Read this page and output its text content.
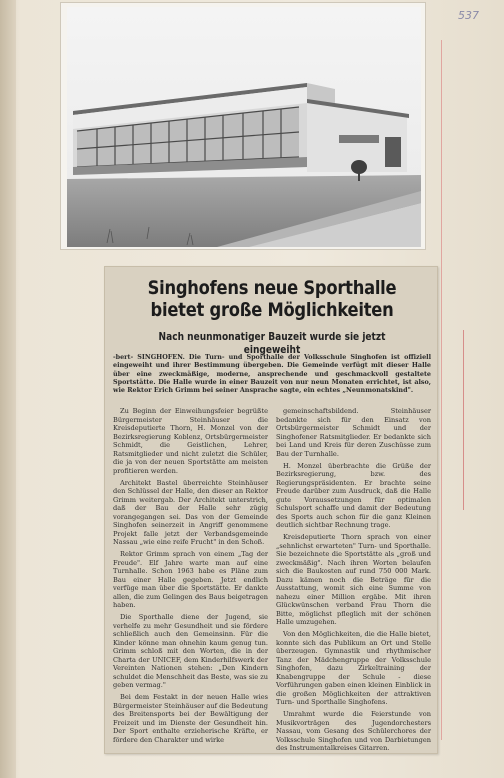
537
Singhofens neue Sporthalle
bietet große Möglichkeiten
Nach neunmonatiger Bauzeit wurde sie jetzt eingeweiht
-bert- SINGHOFEN. Die Turn- und Sporthalle der Volksschule Singhofen ist offiziell eingeweiht und ihrer Bestimmung übergeben. Die Gemeinde verfügt mit dieser Halle über eine zweckmäßige, moderne, ansprechende und geschmackvoll gestaltete Sportstätte. Die Halle wurde in einer Bauzeit von nur neun Monaten errichtet, ist also, wie Rektor Erich Grimm bei seiner Ansprache sagte, ein echtes „Neunmonatskind".

Zu Beginn der Einweihungsfeier begrüßte Bürgermeister Steinhäuser die Kreisdeputierte Thorn, H. Monzel von der Bezirksregierung Koblenz, Ortsbürgermeister Schmidt, die Geistlichen, Lehrer, Ratsmitglieder und nicht zuletzt die Schüler, die ja von der neuen Sportstätte am meisten profitieren werden.

Architekt Bastel überreichte Steinhäuser den Schlüssel der Halle, den dieser an Rektor Grimm weitergab. Der Architekt unterstrich, daß der Bau der Halle sehr zügig vorangegangen sei. Das von der Gemeinde Singhofen seinerzeit in Angriff genommene Projekt falle jetzt der Verbandsgemeinde Nassau „wie eine reife Frucht" in den Schoß.

Rektor Grimm sprach von einem „Tag der Freude". Elf Jahre warte man auf eine Turnhalle. Schon 1963 habe es Pläne zum Bau einer Halle gegeben. Jetzt endlich verfüge man über die Sportstätte. Er dankte allen, die zum Gelingen des Baus beigetragen haben.

Die Sporthalle diene der Jugend, sie verhelfe zu mehr Gesundheit und sie fördere schließlich auch den Gemeinsinn. Für die Kinder könne man ohnehin kaum genug tun. Grimm schloß mit den Worten, die in der Charta der UNICEF, dem Kinderhilfswerk der Vereinten Nationen stehen: „Den Kindern schuldet die Menschheit das Beste, was sie zu geben vermag."

Bei dem Festakt in der neuen Halle wies Bürgermeister Steinhäuser auf die Bedeutung des Breitensports bei der Bewältigung der Freizeit und im Dienste der Gesundheit hin. Der Sport enthalte erzieherische Kräfte, er fördere den Charakter und wirke

gemeinschaftsbildend. Steinhäuser bedankte sich für den Einsatz von Ortsbürgermeister Schmidt und der Singhofener Ratsmitglieder. Er bedankte sich bei Land und Kreis für deren Zuschüsse zum Bau der Turnhalle.

H. Monzel überbrachte die Grüße der Bezirksregierung, bzw. des Regierungspräsidenten. Er brachte seine Freude darüber zum Ausdruck, daß die Halle gute Voraussetzungen für optimalen Schulsport schaffe und damit der Bedeutung des Sports auch schon für die ganz Kleinen deutlich sichtbar Rechnung trage.

Kreisdeputierte Thorn sprach von einer „sehnlichst erwarteten" Turn- und Sporthalle. Sie bezeichnete die Sportstätte als „groß und zweckmäßig". Nach ihren Worten belaufen sich die Baukosten auf rund 750 000 Mark. Dazu kämen noch die Beträge für die Ausstattung, womit sich eine Summe von nahezu einer Million ergäbe. Mit ihren Glückwünschen verband Frau Thorn die Bitte, möglichst pfleglich mit der schönen Halle umzugehen.

Von den Möglichkeiten, die die Halle bietet, konnte sich das Publikum an Ort und Stelle überzeugen. Gymnastik und rhythmischer Tanz der Mädchengruppe der Volksschule Singhofen, dazu Zirkeltraining der Knabengruppe der Schule - diese Vorführungen gaben einen kleinen Einblick in die großen Möglichkeiten der attraktiven Turn- und Sporthalle Singhofens.

Umrahmt wurde die Feierstunde von Musikvorträgen des Jugendorchesters Nassau, vom Gesang des Schülerchores der Volksschule Singhofen und von Darbietungen des Instrumentalkreises Gitarren.
